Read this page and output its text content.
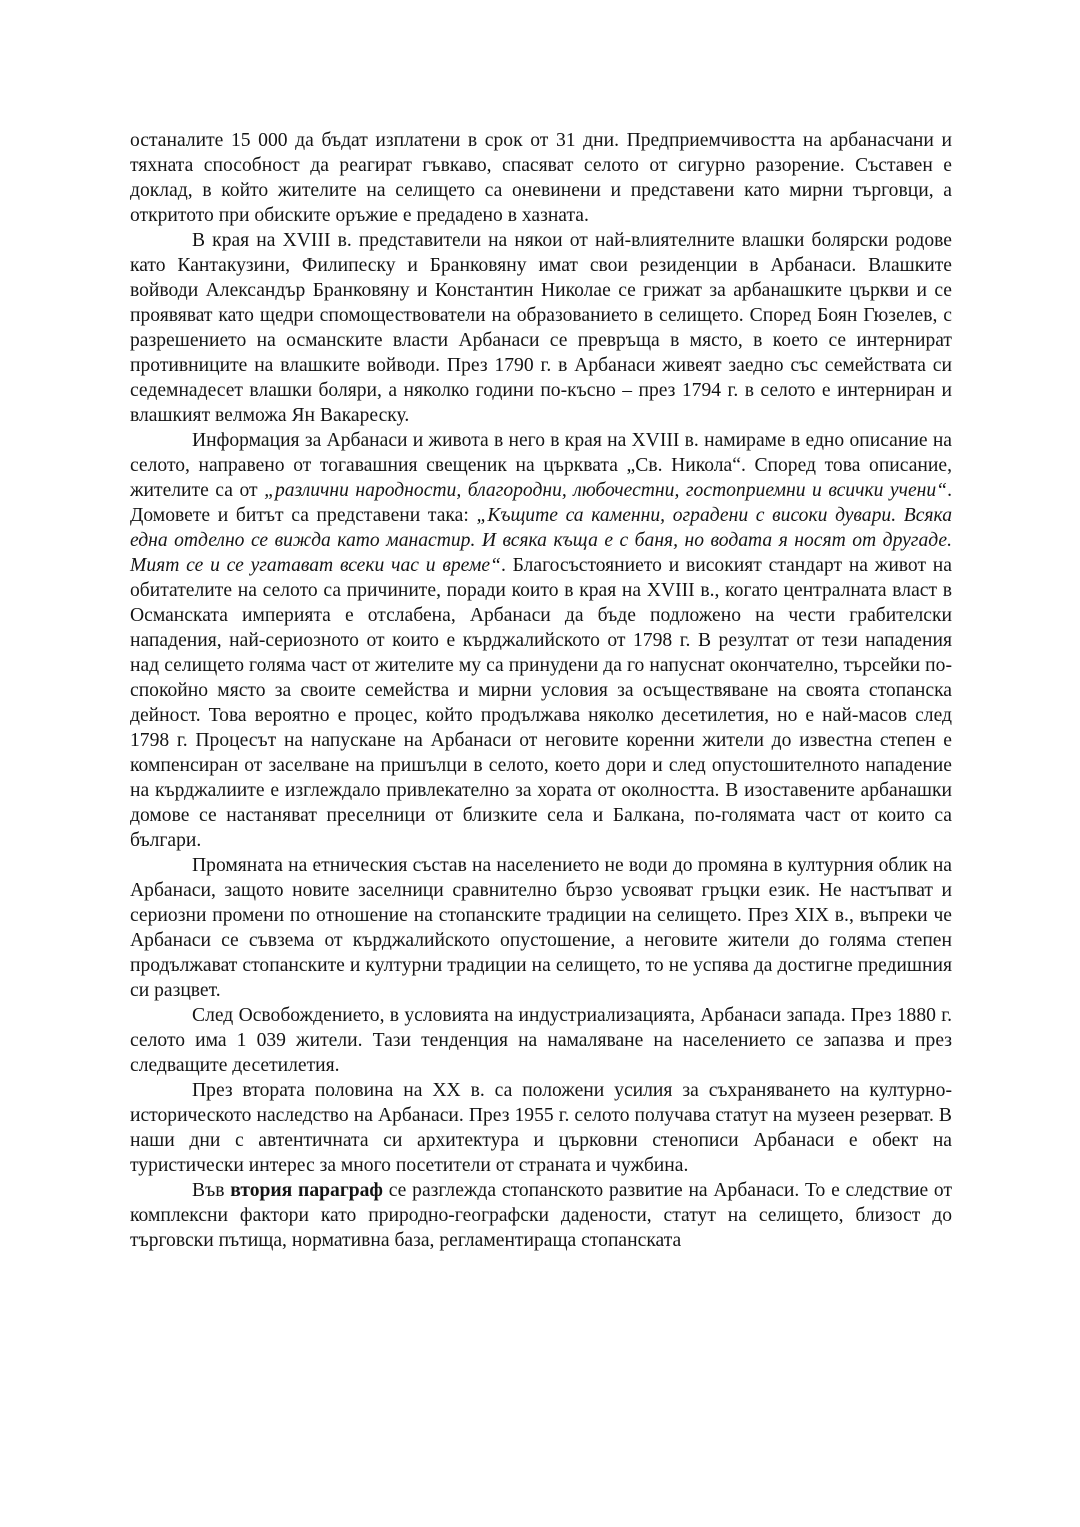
останалите 15 000 да бъдат изплатени в срок от 31 дни. Предприемчивостта на арбанасчани и тяхната способност да реагират гъвкаво, спасяват селото от сигурно разорение. Съставен е доклад, в който жителите на селището са оневинени и представени като мирни търговци, а откритото при обиските оръжие е предадено в хазната.

В края на XVIII в. представители на някои от най-влиятелните влашки болярски родове като Кантакузини, Филипеску и Бранковяну имат свои резиденции в Арбанаси. Влашките войводи Александър Бранковяну и Константин Николае се грижат за арбанашките църкви и се проявяват като щедри спомоществователи на образованието в селището. Според Боян Гюзелев, с разрешението на османските власти Арбанаси се превръща в място, в което се интернират противниците на влашките войводи. През 1790 г. в Арбанаси живеят заедно със семействата си седемнадесет влашки боляри, а няколко години по-късно – през 1794 г. в селото е интерниран и влашкият велможа Ян Вакареску.

Информация за Арбанаси и живота в него в края на XVIII в. намираме в едно описание на селото, направено от тогавашния свещеник на църквата „Св. Никола“. Според това описание, жителите са от „различни народности, благородни, любочестни, гостоприемни и всички учени“. Домовете и битът са представени така: „Къщите са каменни, оградени с високи дувари. Всяка една отделно се вижда като манастир. И всяка къща е с баня, но водата я носят от другаде. Мият се и се угатават всеки час и време“. Благосъстоянието и високият стандарт на живот на обитателите на селото са причините, поради които в края на XVIII в., когато централната власт в Османската империята е отслабена, Арбанаси да бъде подложено на чести грабителски нападения, най-сериозното от които е кърджалийското от 1798 г. В резултат от тези нападения над селището голяма част от жителите му са принудени да го напуснат окончателно, търсейки по-спокойно място за своите семейства и мирни условия за осъществяване на своята стопанска дейност. Това вероятно е процес, който продължава няколко десетилетия, но е най-масов след 1798 г. Процесът на напускане на Арбанаси от неговите коренни жители до известна степен е компенсиран от заселване на пришълци в селото, което дори и след опустошителното нападение на кърджалиите е изглеждало привлекателно за хората от околността. В изоставените арбанашки домове се настаняват преселници от близките села и Балкана, по-голямата част от които са българи.

Промяната на етническия състав на населението не води до промяна в културния облик на Арбанаси, защото новите заселници сравнително бързо усвояват гръцки език. Не настъпват и сериозни промени по отношение на стопанските традиции на селището. През XIX в., въпреки че Арбанаси се съвзема от кърджалийското опустошение, а неговите жители до голяма степен продължават стопанските и културни традиции на селището, то не успява да достигне предишния си разцвет.

След Освобождението, в условията на индустриализацията, Арбанаси запада. През 1880 г. селото има 1 039 жители. Тази тенденция на намаляване на населението се запазва и през следващите десетилетия.

През втората половина на XX в. са положени усилия за съхраняването на културно-историческото наследство на Арбанаси. През 1955 г. селото получава статут на музеен резерват. В наши дни с автентичната си архитектура и църковни стенописи Арбанаси е обект на туристически интерес за много посетители от страната и чужбина.

Във втория параграф се разглежда стопанското развитие на Арбанаси. То е следствие от комплексни фактори като природно-географски дадености, статут на селището, близост до търговски пътища, нормативна база, регламентираща стопанската
